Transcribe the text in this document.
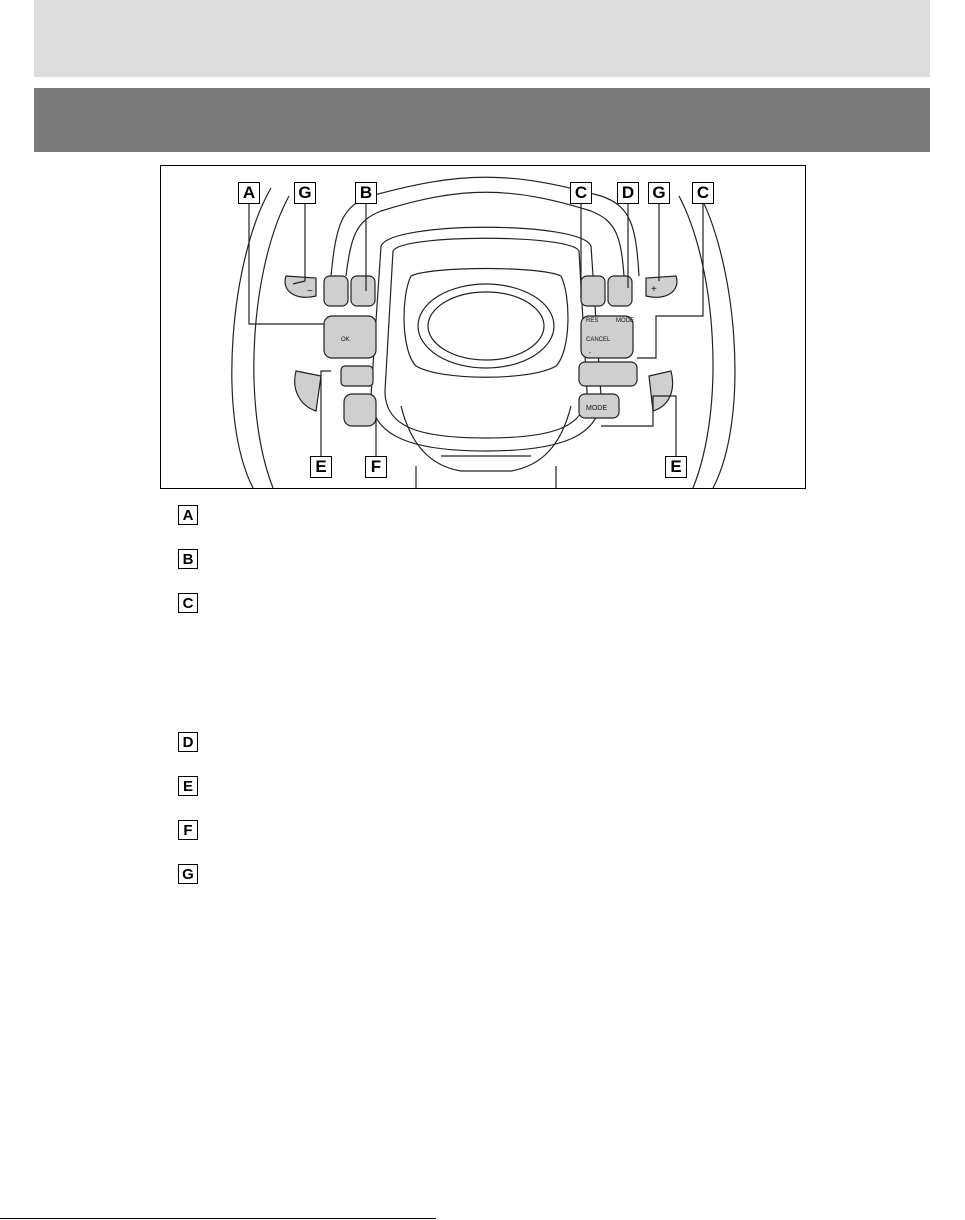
OK	CANCEL
RES	MODE
-
MODE
−	+
A	G	B	C D G C
E	F	E
A
B
C
D
E
F
G
